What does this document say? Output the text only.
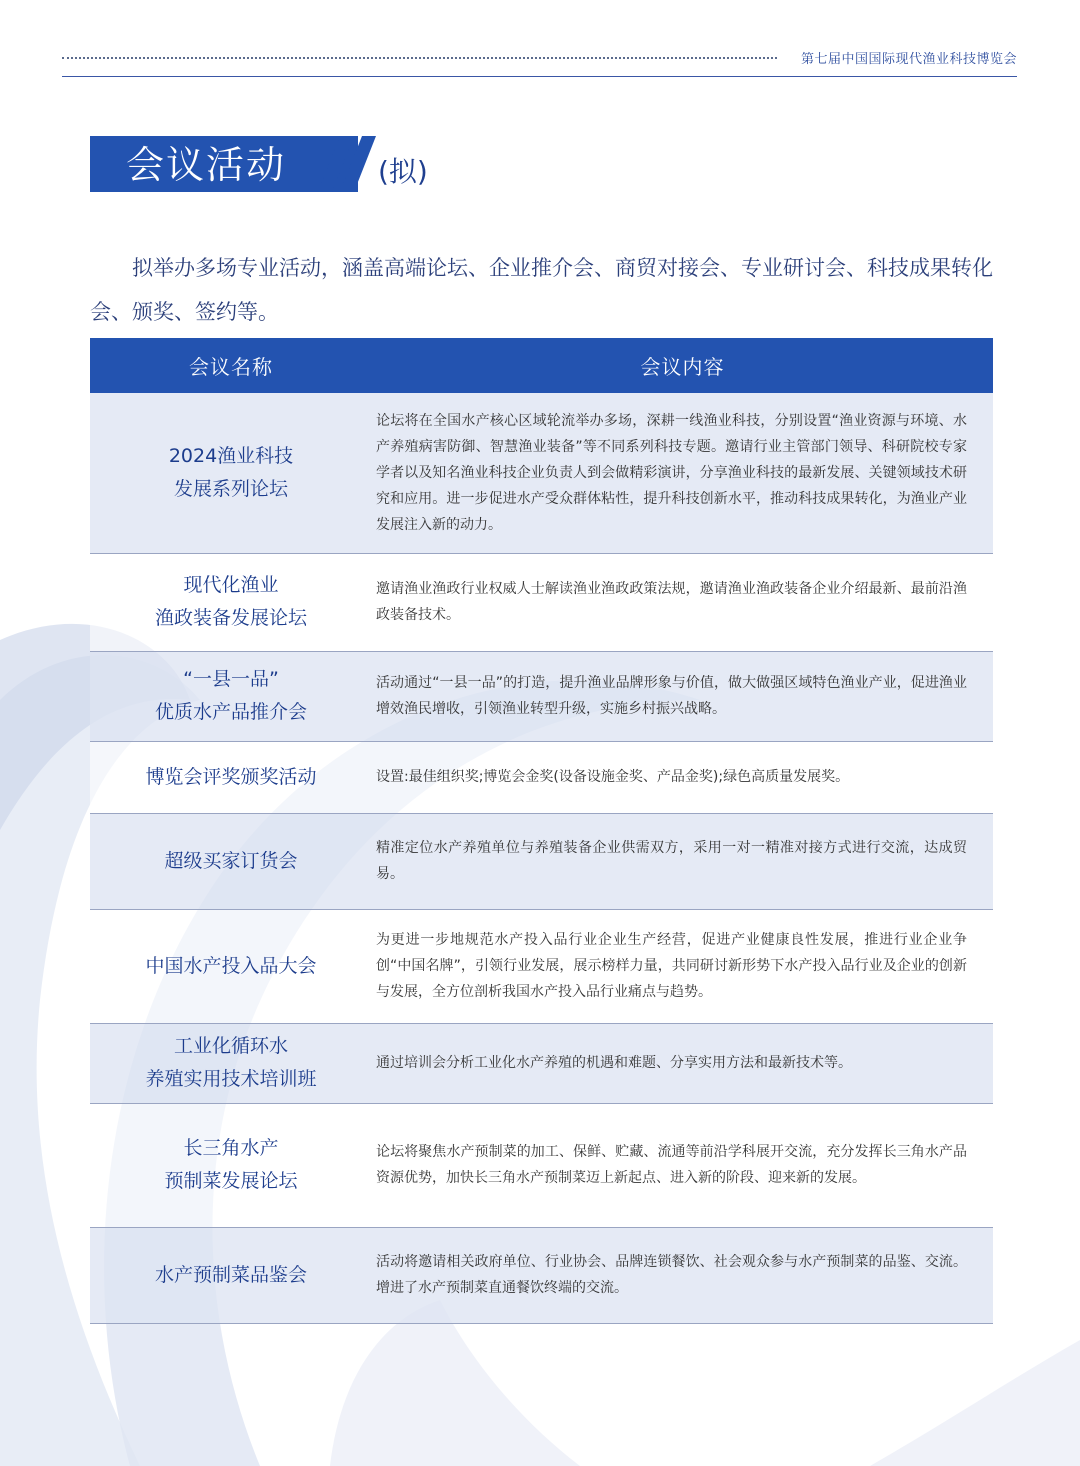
第七届中国国际现代渔业科技博览会
会议活动	(拟)
拟举办多场专业活动，涵盖高端论坛、企业推介会、商贸对接会、专业研讨会、科技成果转化会、颁奖、签约等。
会议名称	会议内容

2024渔业科技
发展系列论坛	论坛将在全国水产核心区域轮流举办多场，深耕一线渔业科技，分别设置“渔业资源与环境、水产养殖病害防御、智慧渔业装备”等不同系列科技专题。邀请行业主管部门领导、科研院校专家学者以及知名渔业科技企业负责人到会做精彩演讲，分享渔业科技的最新发展、关键领域技术研究和应用。进一步促进水产受众群体粘性，提升科技创新水平，推动科技成果转化，为渔业产业发展注入新的动力。

现代化渔业
渔政装备发展论坛	邀请渔业渔政行业权威人士解读渔业渔政政策法规，邀请渔业渔政装备企业介绍最新、最前沿渔政装备技术。

“一县一品”
优质水产品推介会	活动通过“一县一品”的打造，提升渔业品牌形象与价值，做大做强区域特色渔业产业，促进渔业增效渔民增收，引领渔业转型升级，实施乡村振兴战略。

博览会评奖颁奖活动	设置:最佳组织奖;博览会金奖(设备设施金奖、产品金奖);绿色高质量发展奖。

超级买家订货会	精准定位水产养殖单位与养殖装备企业供需双方，采用一对一精准对接方式进行交流，达成贸易。

中国水产投入品大会	为更进一步地规范水产投入品行业企业生产经营，促进产业健康良性发展，推进行业企业争创“中国名牌”，引领行业发展，展示榜样力量，共同研讨新形势下水产投入品行业及企业的创新与发展，全方位剖析我国水产投入品行业痛点与趋势。

工业化循环水
养殖实用技术培训班	通过培训会分析工业化水产养殖的机遇和难题、分享实用方法和最新技术等。

长三角水产
预制菜发展论坛	论坛将聚焦水产预制菜的加工、保鲜、贮藏、流通等前沿学科展开交流，充分发挥长三角水产品资源优势，加快长三角水产预制菜迈上新起点、进入新的阶段、迎来新的发展。

水产预制菜品鉴会	活动将邀请相关政府单位、行业协会、品牌连锁餐饮、社会观众参与水产预制菜的品鉴、交流。增进了水产预制菜直通餐饮终端的交流。
